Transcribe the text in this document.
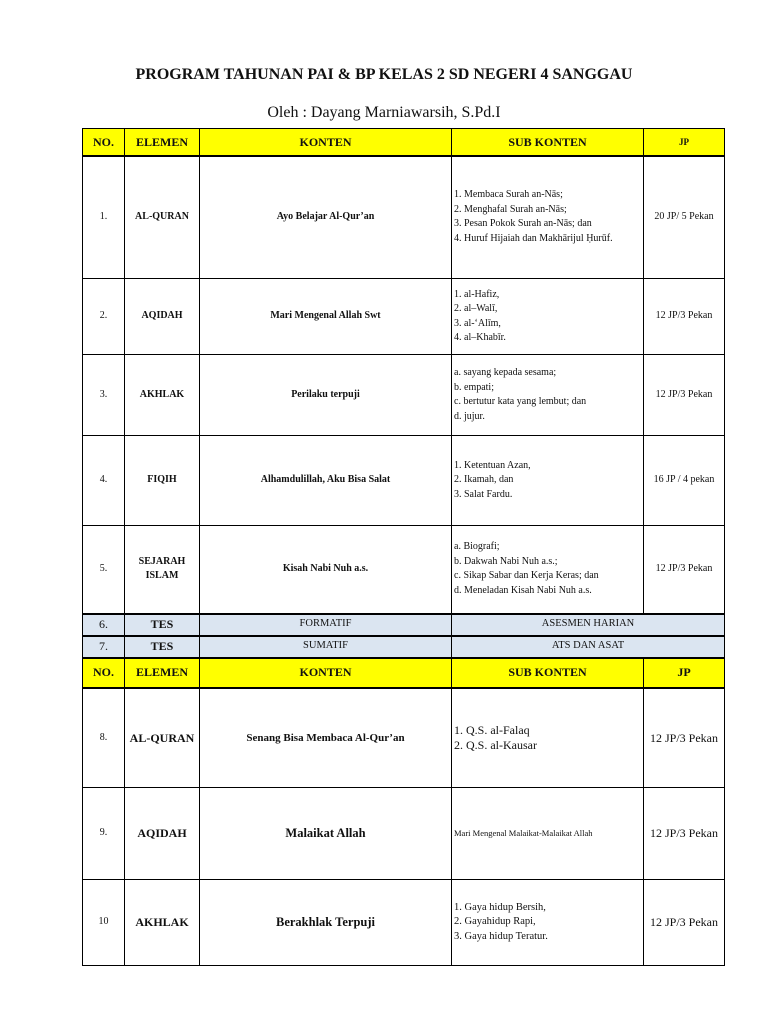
PROGRAM TAHUNAN PAI & BP KELAS 2 SD NEGERI 4 SANGGAU
Oleh : Dayang Marniawarsih, S.Pd.I
NO.	ELEMEN	KONTEN	SUB KONTEN	JP
1.	AL-QURAN	Ayo Belajar Al-Qur’an	1. Membaca Surah an-Nās;
2. Menghafal Surah an-Nās;
3. Pesan Pokok Surah an-Nās; dan
4. Huruf Hijaiah dan Makhārijul Ḥurūf.	20 JP/ 5 Pekan
2.	AQIDAH	Mari Mengenal Allah Swt	1. al-Hafiz,
2. al–Walī,
3. al-‘Alīm,
4. al–Khabīr.	12 JP/3 Pekan
3.	AKHLAK	Perilaku terpuji	a. sayang kepada sesama;
b. empati;
c. bertutur kata yang lembut; dan
d. jujur.	12 JP/3 Pekan
4.	FIQIH	Alhamdulillah, Aku Bisa Salat	1. Ketentuan Azan,
2. Ikamah, dan
3. Salat Fardu.	16 JP / 4 pekan
5.	SEJARAH ISLAM	Kisah Nabi Nuh a.s.	a. Biografi;
b. Dakwah Nabi Nuh a.s.;
c. Sikap Sabar dan Kerja Keras; dan
d. Meneladan Kisah Nabi Nuh a.s.	12 JP/3 Pekan
6.	TES	FORMATIF	ASESMEN HARIAN	
7.	TES	SUMATIF	ATS DAN ASAT	
NO.	ELEMEN	KONTEN	SUB KONTEN	JP
8.	AL-QURAN	Senang Bisa Membaca Al-Qur’an	1. Q.S. al-Falaq
2. Q.S. al-Kausar	12 JP/3 Pekan
9.	AQIDAH	Malaikat Allah	Mari Mengenal Malaikat-Malaikat Allah	12 JP/3 Pekan
10	AKHLAK	Berakhlak Terpuji	1. Gaya hidup Bersih,
2. Gayahidup Rapi,
3. Gaya hidup Teratur.	12 JP/3 Pekan
